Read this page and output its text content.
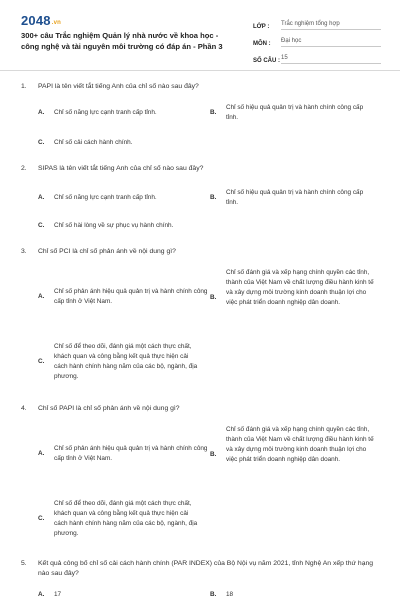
2048.vn
300+ câu Trắc nghiệm Quản lý nhà nước về khoa học - công nghệ và tài nguyên môi trường có đáp án - Phần 3
LỚP :	Trắc nghiệm tổng hợp
MÔN :	Đại học
SỐ CÂU : 15
1.	PAPI là tên viết tắt tiếng Anh của chỉ số nào sau đây?
A. Chỉ số năng lực cạnh tranh cấp tỉnh.	B.
Chỉ số hiệu quả quản trị và hành chính công cấp tỉnh.
C. Chỉ số cải cách hành chính.
2.	SIPAS là tên viết tắt tiếng Anh của chỉ số nào sau đây?
A. Chỉ số năng lực cạnh tranh cấp tỉnh.	B.
Chỉ số hiệu quả quản trị và hành chính công cấp tỉnh.
C. Chỉ số hài lòng về sự phục vụ hành chính.
3.	Chỉ số PCI là chỉ số phản ánh về nội dung gì?
A.
Chỉ số phản ánh hiệu quả quản trị và hành chính công cấp tỉnh ở Việt Nam.
B.
Chỉ số đánh giá và xếp hạng chính quyền các tỉnh, thành của Việt Nam về chất lượng điều hành kinh tế và xây dựng môi trường kinh doanh thuận lợi cho việc phát triển doanh nghiệp dân doanh.
C.
Chỉ số để theo dõi, đánh giá một cách thực chất, khách quan và công bằng kết quả thực hiện cải cách hành chính hàng năm của các bộ, ngành, địa phương.
4.	Chỉ số PAPI là chỉ số phản ánh về nội dung gì?
A.
Chỉ số phản ánh hiệu quả quản trị và hành chính công cấp tỉnh ở Việt Nam.
B.
Chỉ số đánh giá và xếp hạng chính quyền các tỉnh, thành của Việt Nam về chất lượng điều hành kinh tế và xây dựng môi trường kinh doanh thuận lợi cho việc phát triển doanh nghiệp dân doanh.
C.
Chỉ số để theo dõi, đánh giá một cách thực chất, khách quan và công bằng kết quả thực hiện cải cách hành chính hàng năm của các bộ, ngành, địa phương.
5.	Kết quả công bố chỉ số cải cách hành chính (PAR INDEX) của Bộ Nội vụ năm 2021, tỉnh Nghệ An xếp thứ hạng nào sau đây?
A. 17	B. 18
